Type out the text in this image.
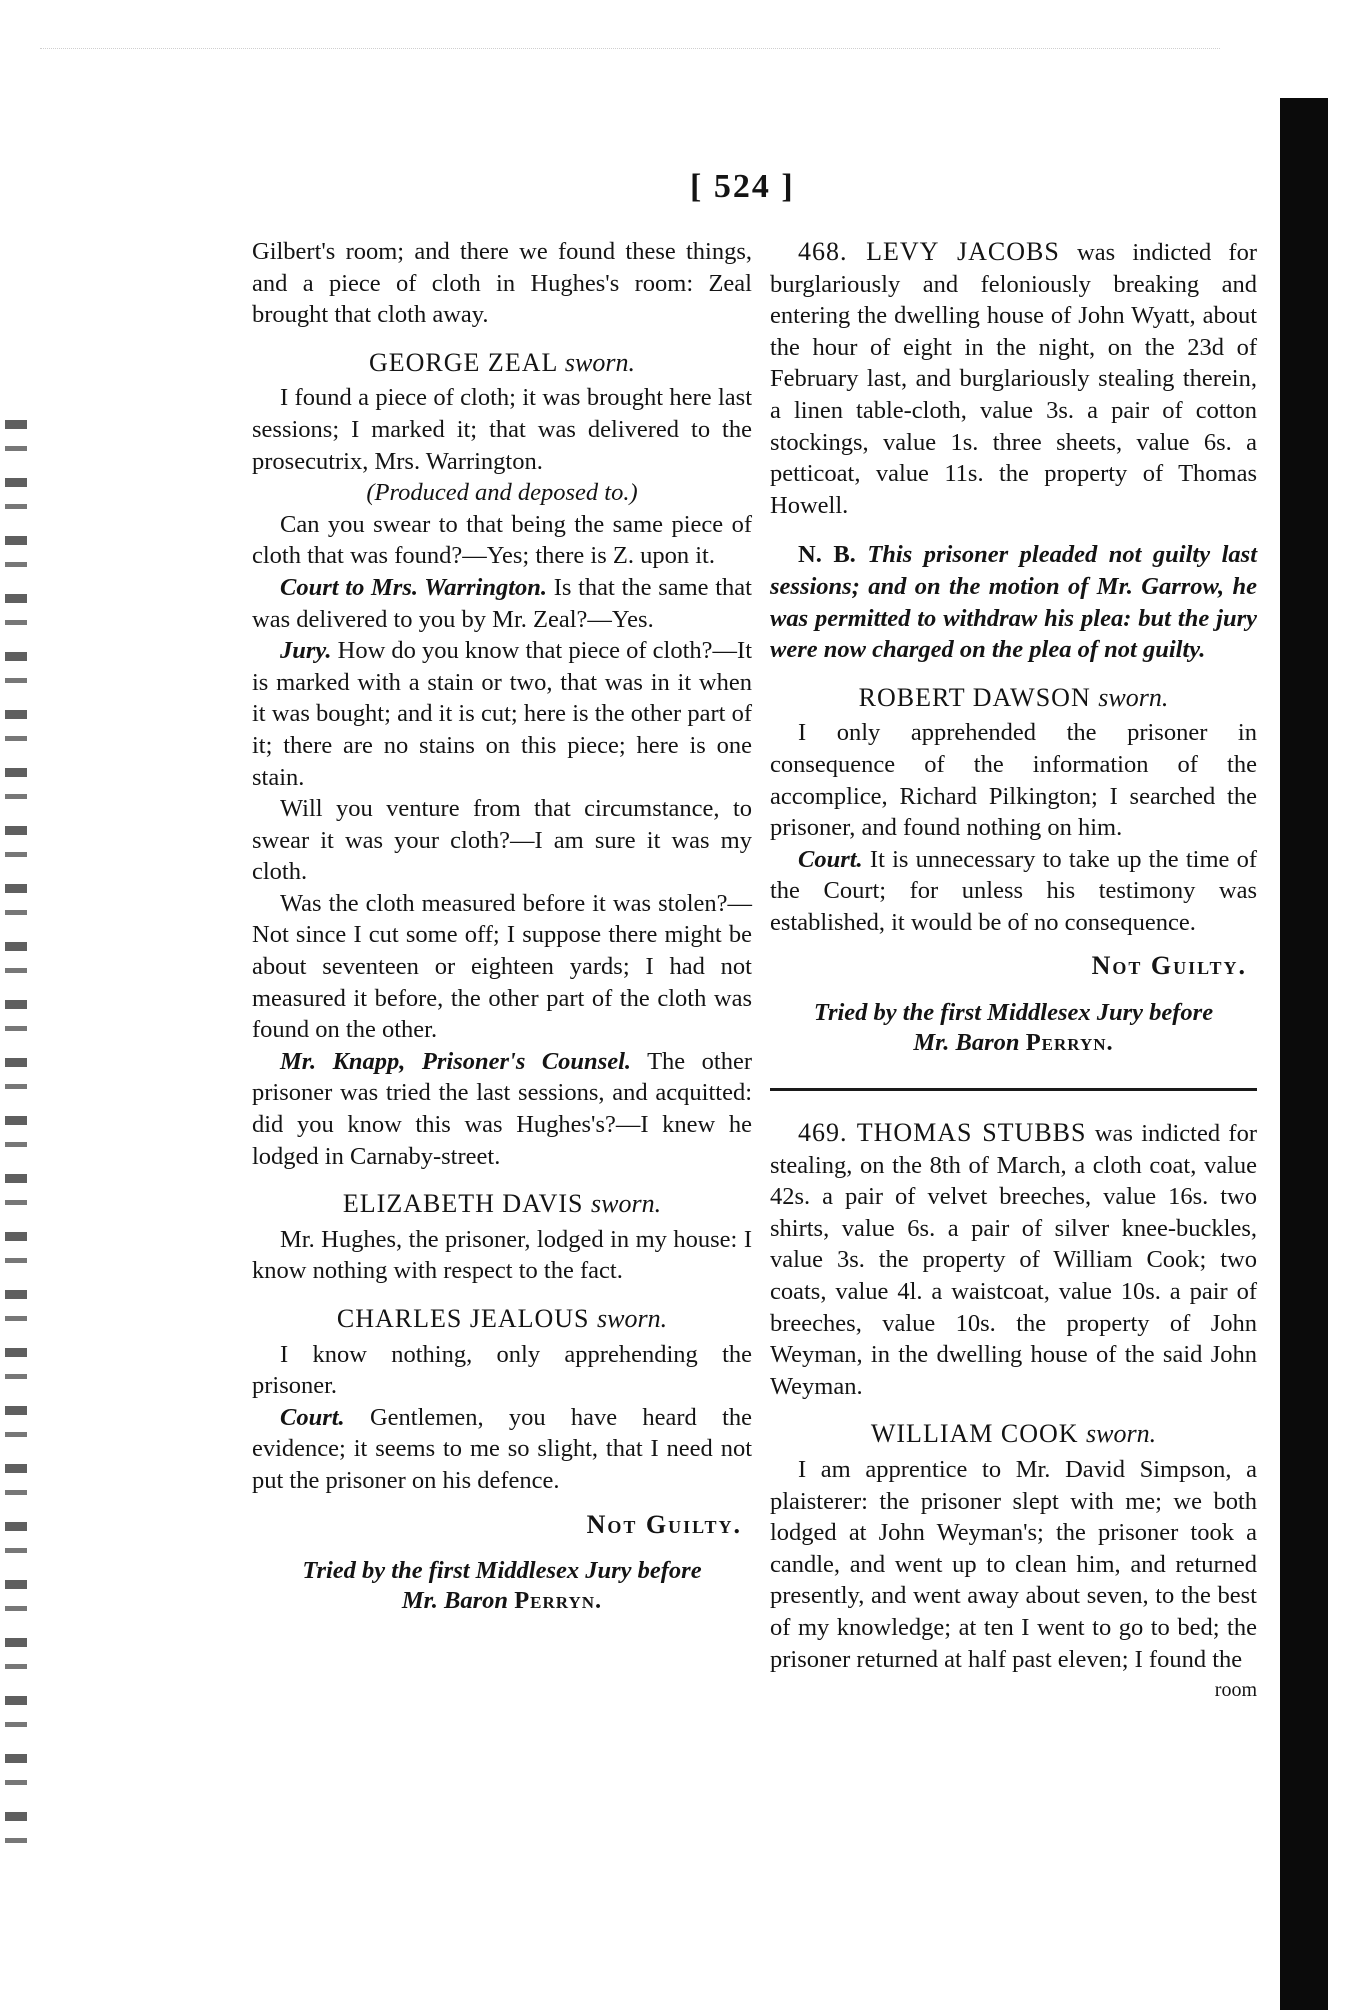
[ 524 ]

Gilbert's room; and there we found these things, and a piece of cloth in Hughes's room: Zeal brought that cloth away.

GEORGE ZEAL sworn.

I found a piece of cloth; it was brought here last sessions; I marked it; that was delivered to the prosecutrix, Mrs. Warrington.

(Produced and deposed to.)

Can you swear to that being the same piece of cloth that was found?—Yes; there is Z. upon it.

Court to Mrs. Warrington. Is that the same that was delivered to you by Mr. Zeal?—Yes.

Jury. How do you know that piece of cloth?—It is marked with a stain or two, that was in it when it was bought; and it is cut; here is the other part of it; there are no stains on this piece; here is one stain.

Will you venture from that circumstance, to swear it was your cloth?—I am sure it was my cloth.

Was the cloth measured before it was stolen?—Not since I cut some off; I suppose there might be about seventeen or eighteen yards; I had not measured it before, the other part of the cloth was found on the other.

Mr. Knapp, Prisoner's Counsel. The other prisoner was tried the last sessions, and acquitted: did you know this was Hughes's?—I knew he lodged in Carnaby-street.

ELIZABETH DAVIS sworn.

Mr. Hughes, the prisoner, lodged in my house: I know nothing with respect to the fact.

CHARLES JEALOUS sworn.

I know nothing, only apprehending the prisoner.

Court. Gentlemen, you have heard the evidence; it seems to me so slight, that I need not put the prisoner on his defence.

Not Guilty.
Tried by the first Middlesex Jury before
Mr. Baron Perryn.

468. LEVY JACOBS was indicted for burglariously and feloniously breaking and entering the dwelling house of John Wyatt, about the hour of eight in the night, on the 23d of February last, and burglariously stealing therein, a linen table-cloth, value 3s. a pair of cotton stockings, value 1s. three sheets, value 6s. a petticoat, value 11s. the property of Thomas Howell.

N. B. This prisoner pleaded not guilty last sessions; and on the motion of Mr. Garrow, he was permitted to withdraw his plea: but the jury were now charged on the plea of not guilty.

ROBERT DAWSON sworn.

I only apprehended the prisoner in consequence of the information of the accomplice, Richard Pilkington; I searched the prisoner, and found nothing on him.

Court. It is unnecessary to take up the time of the Court; for unless his testimony was established, it would be of no consequence.

Not Guilty.
Tried by the first Middlesex Jury before
Mr. Baron Perryn.

469. THOMAS STUBBS was indicted for stealing, on the 8th of March, a cloth coat, value 42s. a pair of velvet breeches, value 16s. two shirts, value 6s. a pair of silver knee-buckles, value 3s. the property of William Cook; two coats, value 4l. a waistcoat, value 10s. a pair of breeches, value 10s. the property of John Weyman, in the dwelling house of the said John Weyman.

WILLIAM COOK sworn.

I am apprentice to Mr. David Simpson, a plaisterer: the prisoner slept with me; we both lodged at John Weyman's; the prisoner took a candle, and went up to clean him, and returned presently, and went away about seven, to the best of my knowledge; at ten I went to go to bed; the prisoner returned at half past eleven; I found the

room
